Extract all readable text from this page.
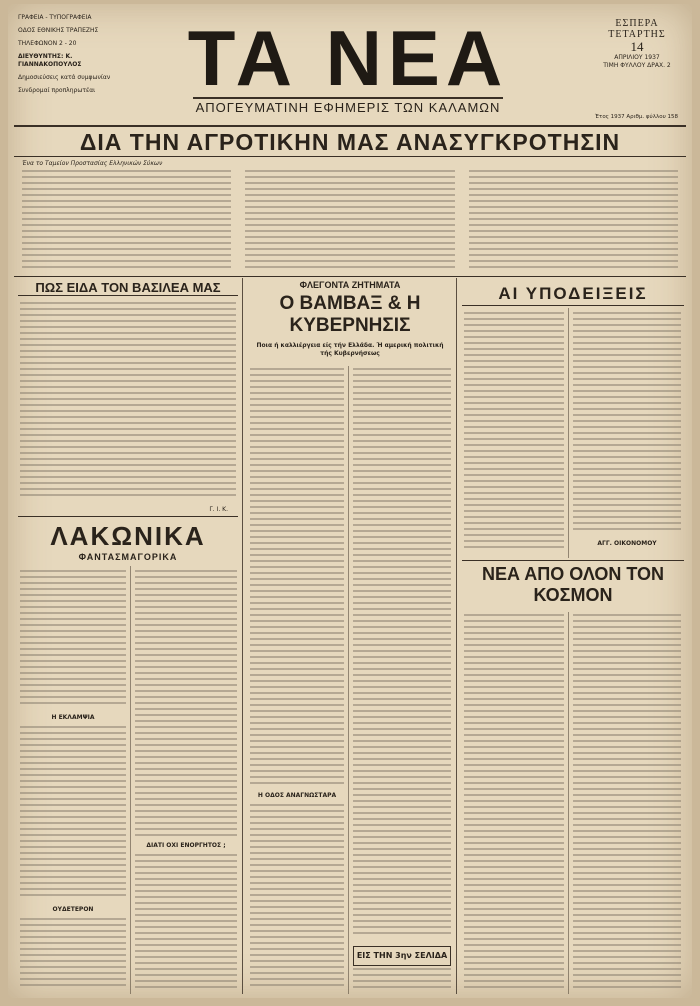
ΓΡΑΦΕΙΑ - ΤΥΠΟΓΡΑΦΕΙΑ
ΟΔΟΣ ΕΘΝΙΚΗΣ ΤΡΑΠΕΖΗΣ
ΤΗΛΕΦΩΝΟΝ 2 - 20
ΔΙΕΥΘΥΝΤΗΣ: Κ. ΓΙΑΝΝΑΚΟΠΟΥΛΟΣ
Δημοσιεύσεις κατά συμφωνίαν
Συνδρομαί προπληρωτέαι	ΤΑ ΝΕΑ
ΑΠΟΓΕΥΜΑΤΙΝΗ ΕΦΗΜΕΡΙΣ ΤΩΝ ΚΑΛΑΜΩΝ
ΕΣΠΕΡΑ
ΤΕΤΑΡΤΗΣ
14
ΑΠΡΙΛΙΟΥ 1937
ΤΙΜΗ ΦΥΛΛΟΥ ΔΡΑΧ. 2
Έτος 1937 Αριθμ. φύλλου 158
ΔΙΑ ΤΗΝ ΑΓΡΟΤΙΚΗΝ ΜΑΣ ΑΝΑΣΥΓΚΡΟΤΗΣΙΝ
Ένα το Ταμείον Προστασίας Ελληνικών Σύκων
ΠΩΣ ΕΙΔΑ ΤΟΝ ΒΑΣΙΛΕΑ ΜΑΣ
Γ. Ι. Κ.
ΛΑΚΩΝΙΚΑ
ΦΑΝΤΑΣΜΑΓΟΡΙΚΑ
Η ΕΚΛΑΜΨΙΑ
ΟΥΔΕΤΕΡΟΝ
ΔΙΑΤΙ ΟΧΙ ΕΝΟΡΓΗΤΟΣ ;
ΦΛΕΓΟΝΤΑ ΖΗΤΗΜΑΤΑ
Ο ΒΑΜΒΑΞ & Η ΚΥΒΕΡΝΗΣΙΣ
Ποια ή καλλιέργεια είς τήν Ελλάδα. Ή αμερική πολιτική τής Κυβερνήσεως
Η ΟΔΟΣ ΑΝΑΓΝΩΣΤΑΡΑ
ΕΙΣ ΤΗΝ 3ην ΣΕΛΙΔΑ
ΑΙ ΥΠΟΔΕΙΞΕΙΣ
ΑΓΓ. ΟΙΚΟΝΟΜΟΥ
ΝΕΑ ΑΠΟ ΟΛΟΝ ΤΟΝ ΚΟΣΜΟΝ
